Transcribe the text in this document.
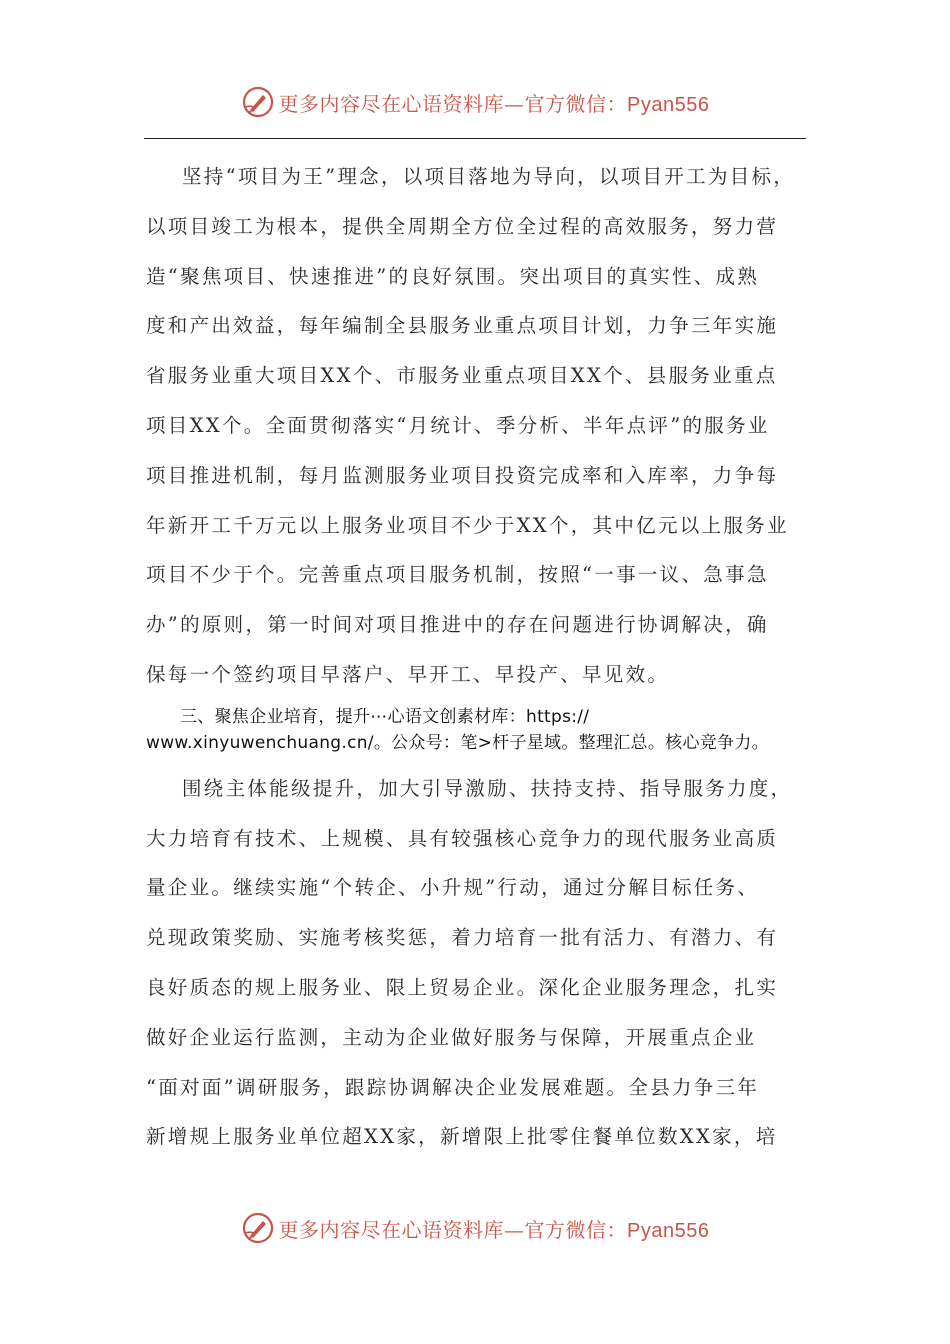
更多内容尽在心语资料库—官方微信：Pyan556
坚持“项目为王”理念，以项目落地为导向，以项目开工为目标，
以项目竣工为根本，提供全周期全方位全过程的高效服务，努力营
造“聚焦项目、快速推进”的良好氛围。突出项目的真实性、成熟
度和产出效益，每年编制全县服务业重点项目计划，力争三年实施
省服务业重大项目XX个、市服务业重点项目XX个、县服务业重点
项目XX个。全面贯彻落实“月统计、季分析、半年点评”的服务业
项目推进机制，每月监测服务业项目投资完成率和入库率，力争每
年新开工千万元以上服务业项目不少于XX个，其中亿元以上服务业
项目不少于个。完善重点项目服务机制，按照“一事一议、急事急
办”的原则，第一时间对项目推进中的存在问题进行协调解决，确
保每一个签约项目早落户、早开工、早投产、早见效。
三、聚焦企业培育，提升⋯心语文创素材库：https://
www.xinyuwenchuang.cn/。公众号：笔>杆子星域。整理汇总。核心竞争力。
围绕主体能级提升，加大引导激励、扶持支持、指导服务力度，
大力培育有技术、上规模、具有较强核心竞争力的现代服务业高质
量企业。继续实施“个转企、小升规”行动，通过分解目标任务、
兑现政策奖励、实施考核奖惩，着力培育一批有活力、有潜力、有
良好质态的规上服务业、限上贸易企业。深化企业服务理念，扎实
做好企业运行监测，主动为企业做好服务与保障，开展重点企业
“面对面”调研服务，跟踪协调解决企业发展难题。全县力争三年
新增规上服务业单位超XX家，新增限上批零住餐单位数XX家，培
更多内容尽在心语资料库—官方微信：Pyan556
